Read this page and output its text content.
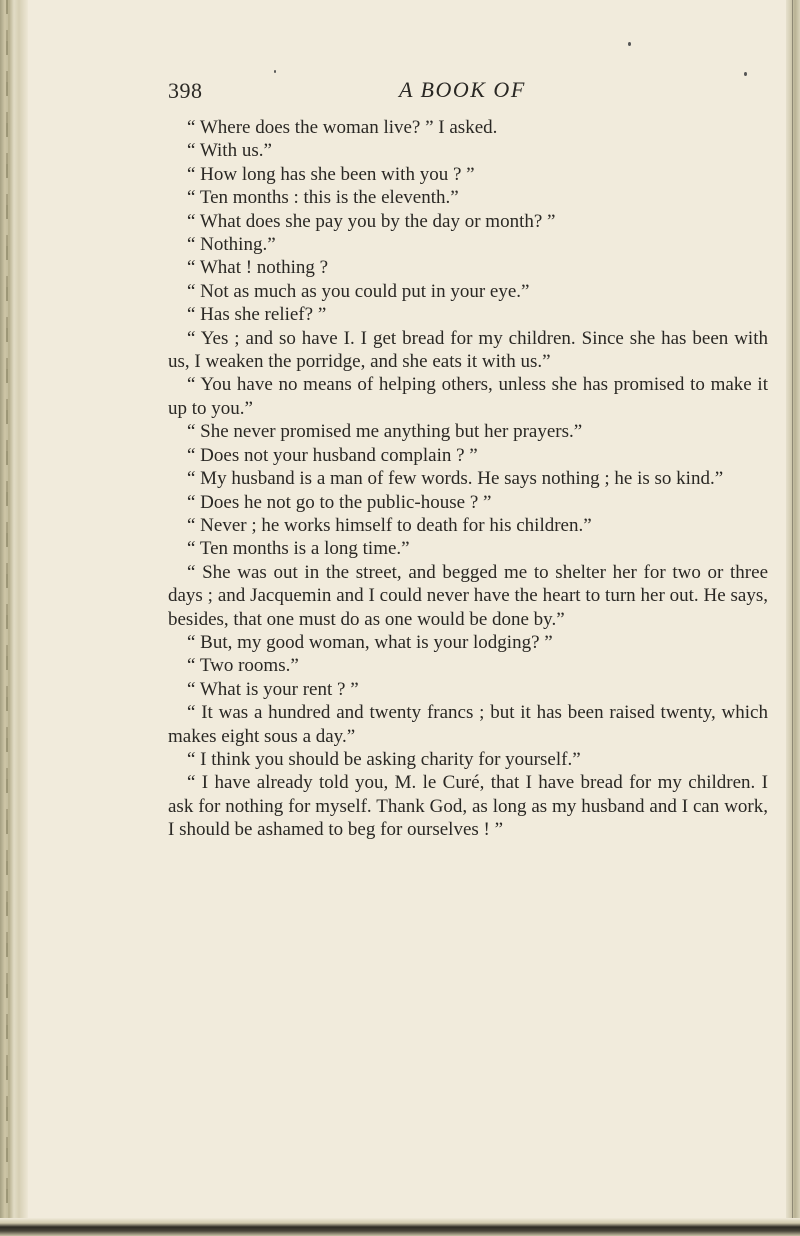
398	A BOOK OF

“ Where does the woman live? ” I asked.

“ With us.”

“ How long has she been with you ? ”

“ Ten months : this is the eleventh.”

“ What does she pay you by the day or month? ”

“ Nothing.”

“ What ! nothing ?

“ Not as much as you could put in your eye.”

“ Has she relief? ”

“ Yes ; and so have I. I get bread for my children. Since she has been with us, I weaken the porridge, and she eats it with us.”

“ You have no means of helping others, unless she has promised to make it up to you.”

“ She never promised me anything but her prayers.”

“ Does not your husband complain ? ”

“ My husband is a man of few words. He says nothing ; he is so kind.”

“ Does he not go to the public-house ? ”

“ Never ; he works himself to death for his children.”

“ Ten months is a long time.”

“ She was out in the street, and begged me to shelter her for two or three days ; and Jacquemin and I could never have the heart to turn her out. He says, besides, that one must do as one would be done by.”

“ But, my good woman, what is your lodging? ”

“ Two rooms.”

“ What is your rent ? ”

“ It was a hundred and twenty francs ; but it has been raised twenty, which makes eight sous a day.”

“ I think you should be asking charity for yourself.”

“ I have already told you, M. le Curé, that I have bread for my children. I ask for nothing for myself. Thank God, as long as my husband and I can work, I should be ashamed to beg for ourselves ! ”
